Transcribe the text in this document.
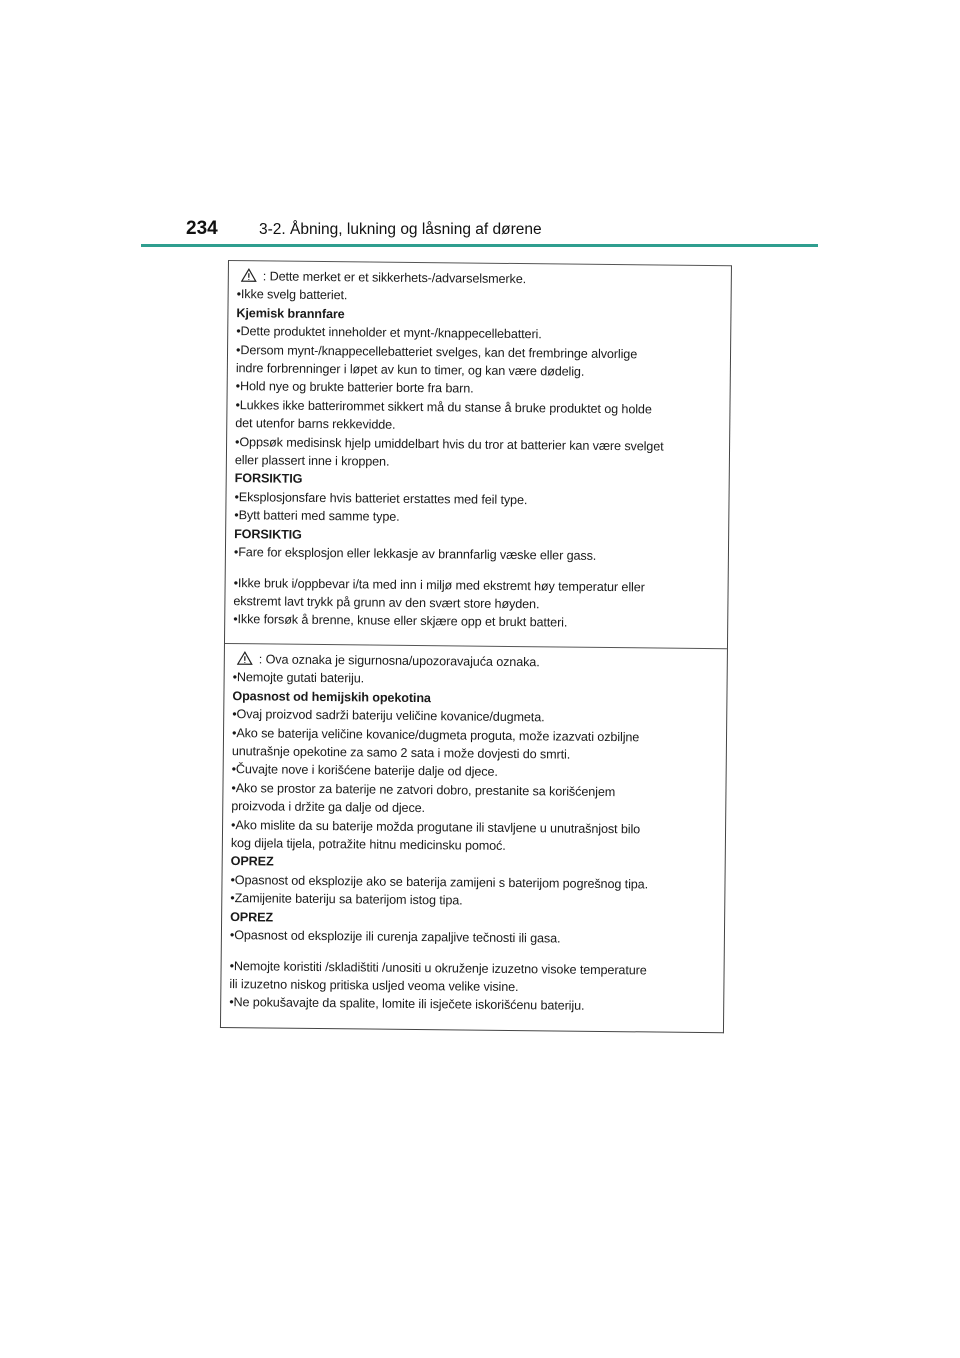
234	3-2. Åbning, lukning og låsning af dørene
: Dette merket er et sikkerhets-/advarselsmerke.
•Ikke svelg batteriet.
Kjemisk brannfare
•Dette produktet inneholder et mynt-/knappecellebatteri.
•Dersom mynt-/knappecellebatteriet svelges, kan det frembringe alvorlige
indre forbrenninger i løpet av kun to timer, og kan være dødelig.
•Hold nye og brukte batterier borte fra barn.
•Lukkes ikke batterirommet sikkert må du stanse å bruke produktet og holde
det utenfor barns rekkevidde.
•Oppsøk medisinsk hjelp umiddelbart hvis du tror at batterier kan være svelget
eller plassert inne i kroppen.
FORSIKTIG
•Eksplosjonsfare hvis batteriet erstattes med feil type.
•Bytt batteri med samme type.
FORSIKTIG
•Fare for eksplosjon eller lekkasje av brannfarlig væske eller gass.
•Ikke bruk i/oppbevar i/ta med inn i miljø med ekstremt høy temperatur eller
ekstremt lavt trykk på grunn av den svært store høyden.
•Ikke forsøk å brenne, knuse eller skjære opp et brukt batteri.
: Ova oznaka je sigurnosna/upozoravajuća oznaka.
•Nemojte gutati bateriju.
Opasnost od hemijskih opekotina
•Ovaj proizvod sadrži bateriju veličine kovanice/dugmeta.
•Ako se baterija veličine kovanice/dugmeta proguta, može izazvati ozbiljne
unutrašnje opekotine za samo 2 sata i može dovjesti do smrti.
•Čuvajte nove i korišćene baterije dalje od djece.
•Ako se prostor za baterije ne zatvori dobro, prestanite sa korišćenjem
proizvoda i držite ga dalje od djece.
•Ako mislite da su baterije možda progutane ili stavljene u unutrašnjost bilo
kog dijela tijela, potražite hitnu medicinsku pomoć.
OPREZ
•Opasnost od eksplozije ako se baterija zamijeni s baterijom pogrešnog tipa.
•Zamijenite bateriju sa baterijom istog tipa.
OPREZ
•Opasnost od eksplozije ili curenja zapaljive tečnosti ili gasa.
•Nemojte koristiti /skladištiti /unositi u okruženje izuzetno visoke temperature
ili izuzetno niskog pritiska usljed veoma velike visine.
•Ne pokušavajte da spalite, lomite ili isječete iskorišćenu bateriju.
